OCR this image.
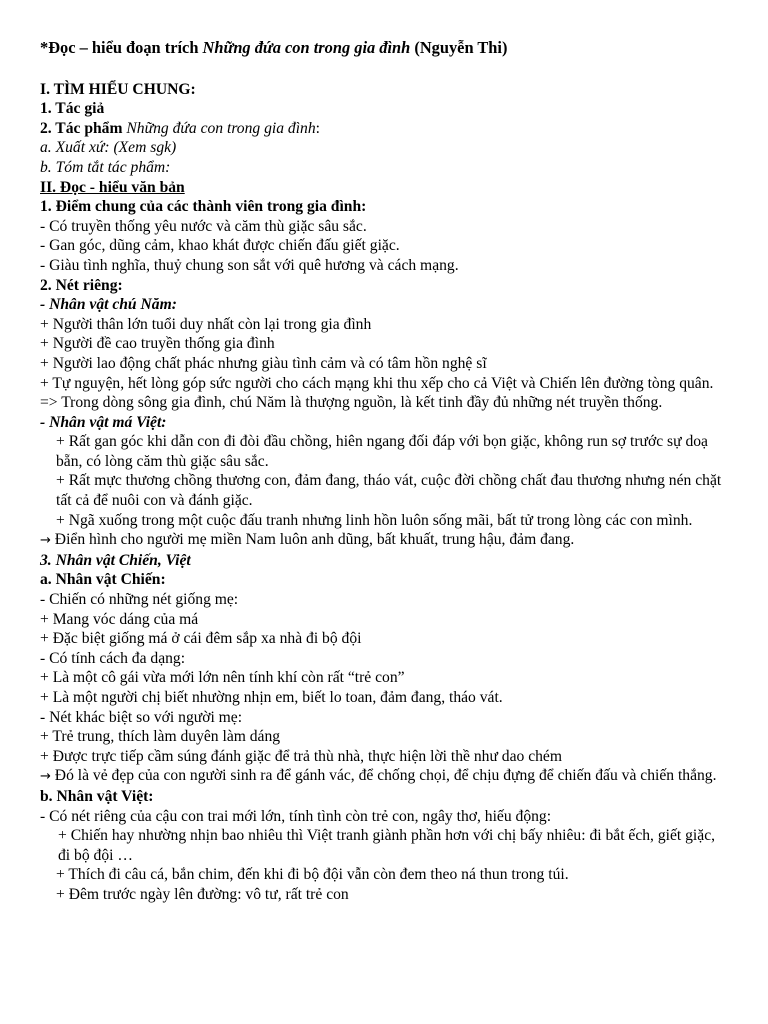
*Đọc – hiểu đoạn trích Những đứa con trong gia đình (Nguyễn Thi)

I. TÌM HIỂU CHUNG:

1. Tác giả

2. Tác phẩm Những đứa con trong gia đình:

a. Xuất xứ: (Xem sgk)

b. Tóm tắt tác phẩm:

II. Đọc - hiểu văn bản

1. Điểm chung của các thành viên trong gia đình:

- Có truyền thống yêu nước và căm thù giặc sâu sắc.

- Gan góc, dũng cảm, khao khát được chiến đấu giết giặc.

- Giàu tình nghĩa, thuỷ chung son sắt với quê hương và cách mạng.

2. Nét riêng:

- Nhân vật chú Năm:

+ Người thân lớn tuổi duy nhất còn lại trong gia đình

+ Người đề cao truyền thống gia đình

+ Người lao động chất phác nhưng giàu tình cảm và có tâm hồn nghệ sĩ

+ Tự nguyện, hết lòng góp sức người cho cách mạng khi thu xếp cho cả Việt và Chiến lên đường tòng quân.

=> Trong dòng sông gia đình, chú Năm là thượng nguồn, là kết tinh đầy đủ những nét truyền thống.

- Nhân vật má Việt:

+ Rất gan góc khi dẫn con đi đòi đầu chồng, hiên ngang đối đáp với bọn giặc, không run sợ trước sự doạ bẵn, có lòng căm thù giặc sâu sắc.

+ Rất mực thương chồng thương con, đảm đang, tháo vát, cuộc đời chồng chất đau thương nhưng nén chặt tất cả để nuôi con và đánh giặc.

+ Ngã xuống trong một cuộc đấu tranh nhưng linh hồn luôn sống mãi, bất tử trong lòng các con mình.

→ Điển hình cho người mẹ miền Nam luôn anh dũng, bất khuất, trung hậu, đảm đang.

3. Nhân vật Chiến, Việt

a. Nhân vật Chiến:

- Chiến có những nét giống mẹ:

+ Mang vóc dáng của má

+ Đặc biệt giống má ở cái đêm sắp xa nhà đi bộ đội

- Có tính cách đa dạng:

+ Là một cô gái vừa mới lớn nên tính khí còn rất “trẻ con”

+ Là một người chị biết nhường nhịn em, biết lo toan, đảm đang, tháo vát.

- Nét khác biệt so với người mẹ:

+ Trẻ trung, thích làm duyên làm dáng

+ Được trực tiếp cầm súng đánh giặc để trả thù nhà, thực hiện lời thề như dao chém

→ Đó là vẻ đẹp của con người sinh ra để gánh vác, để chống chọi, để chịu đựng để chiến đấu và chiến thắng.

b. Nhân vật Việt:

- Có nét riêng của cậu con trai mới lớn, tính tình còn trẻ con, ngây thơ, hiếu động:

+ Chiến hay nhường nhịn bao nhiêu thì Việt tranh giành phần hơn với chị bấy nhiêu: đi bắt ếch, giết giặc, đi bộ đội …

+ Thích đi câu cá, bắn chim, đến khi đi bộ đội vẫn còn đem theo ná thun trong túi.

+ Đêm trước ngày lên đường: vô tư, rất trẻ con
